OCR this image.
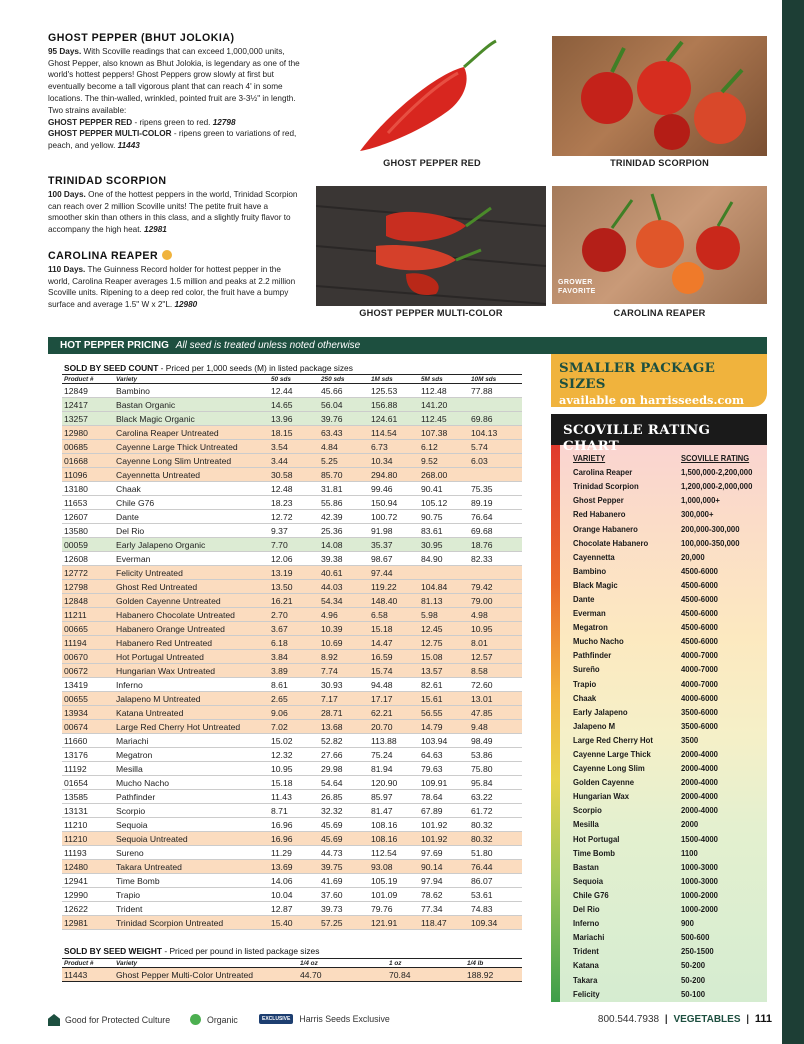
GHOST PEPPER (BHUT JOLOKIA)
95 Days. With Scoville readings that can exceed 1,000,000 units, Ghost Pepper, also known as Bhut Jolokia, is legendary as one of the world's hottest peppers! Ghost Peppers grow slowly at first but eventually become a tall vigorous plant that can reach 4' in some locations. The thin-walled, wrinkled, pointed fruit are 3-3½" in length. Two strains available:
GHOST PEPPER RED - ripens green to red. 12798
GHOST PEPPER MULTI-COLOR - ripens green to variations of red, peach, and yellow. 11443
TRINIDAD SCORPION
100 Days. One of the hottest peppers in the world, Trinidad Scorpion can reach over 2 million Scoville units! The petite fruit have a smoother skin than others in this class, and a slightly fruity flavor to accompany the high heat. 12981
CAROLINA REAPER
110 Days. The Guinness Record holder for hottest pepper in the world, Carolina Reaper averages 1.5 million and peaks at 2.2 million Scoville units. Ripening to a deep red color, the fruit have a bumpy surface and average 1.5" W x 2"L. 12980
GHOST PEPPER RED	TRINIDAD SCORPION
GHOST PEPPER MULTI-COLOR
GROWER
FAVORITE
CAROLINA REAPER
HOT PEPPER PRICING All seed is treated unless noted otherwise
SOLD BY SEED COUNT - Priced per 1,000 seeds (M) in listed package sizes
Product #	Variety	50 sds	250 sds	1M sds	5M sds	10M sds
12849	Bambino	12.44	45.66	125.53	112.48	77.88
12417	Bastan Organic	14.65	56.04	156.88	141.20	
13257	Black Magic Organic	13.96	39.76	124.61	112.45	69.86
12980	Carolina Reaper Untreated	18.15	63.43	114.54	107.38	104.13
00685	Cayenne Large Thick Untreated	3.54	4.84	6.73	6.12	5.74
01668	Cayenne Long Slim Untreated	3.44	5.25	10.34	9.52	6.03
11096	Cayennetta Untreated	30.58	85.70	294.80	268.00	
13180	Chaak	12.48	31.81	99.46	90.41	75.35
11653	Chile G76	18.23	55.86	150.94	105.12	89.19
12607	Dante	12.72	42.39	100.72	90.75	76.64
13580	Del Rio	9.37	25.36	91.98	83.61	69.68
00059	Early Jalapeno Organic	7.70	14.08	35.37	30.95	18.76
12608	Everman	12.06	39.38	98.67	84.90	82.33
12772	Felicity Untreated	13.19	40.61	97.44		
12798	Ghost Red Untreated	13.50	44.03	119.22	104.84	79.42
12848	Golden Cayenne Untreated	16.21	54.34	148.40	81.13	79.00
11211	Habanero Chocolate Untreated	2.70	4.96	6.58	5.98	4.98
00665	Habanero Orange Untreated	3.67	10.39	15.18	12.45	10.95
11194	Habanero Red Untreated	6.18	10.69	14.47	12.75	8.01
00670	Hot Portugal Untreated	3.84	8.92	16.59	15.08	12.57
00672	Hungarian Wax Untreated	3.89	7.74	15.74	13.57	8.58
13419	Inferno	8.61	30.93	94.48	82.61	72.60
00655	Jalapeno M Untreated	2.65	7.17	17.17	15.61	13.01
13934	Katana Untreated	9.06	28.71	62.21	56.55	47.85
00674	Large Red Cherry Hot Untreated	7.02	13.68	20.70	14.79	9.48
11660	Mariachi	15.02	52.82	113.88	103.94	98.49
13176	Megatron	12.32	27.66	75.24	64.63	53.86
11192	Mesilla	10.95	29.98	81.94	79.63	75.80
01654	Mucho Nacho	15.18	54.64	120.90	109.91	95.84
13585	Pathfinder	11.43	26.85	85.97	78.64	63.22
13131	Scorpio	8.71	32.32	81.47	67.89	61.72
11210	Sequoia	16.96	45.69	108.16	101.92	80.32
11210	Sequoia Untreated	16.96	45.69	108.16	101.92	80.32
11193	Sureno	11.29	44.73	112.54	97.69	51.80
12480	Takara Untreated	13.69	39.75	93.08	90.14	76.44
12941	Time Bomb	14.06	41.69	105.19	97.94	86.07
12990	Trapio	10.04	37.60	101.09	78.62	53.61
12622	Trident	12.87	39.73	79.76	77.34	74.83
12981	Trinidad Scorpion Untreated	15.40	57.25	121.91	118.47	109.34
SOLD BY SEED WEIGHT - Priced per pound in listed package sizes
Product #	Variety	1/4 oz	1 oz	1/4 lb
11443	Ghost Pepper Multi-Color Untreated	44.70	70.84	188.92
SMALLER PACKAGE SIZES
available on harrisseeds.com
SCOVILLE RATING CHART
VARIETY	SCOVILLE RATING
Carolina Reaper	1,500,000-2,200,000
Trinidad Scorpion	1,200,000-2,000,000
Ghost Pepper	1,000,000+
Red Habanero	300,000+
Orange Habanero	200,000-300,000
Chocolate Habanero	100,000-350,000
Cayennetta	20,000
Bambino	4500-6000
Black Magic	4500-6000
Dante	4500-6000
Everman	4500-6000
Megatron	4500-6000
Mucho Nacho	4500-6000
Pathfinder	4000-7000
Sureño	4000-7000
Trapio	4000-7000
Chaak	4000-6000
Early Jalapeno	3500-6000
Jalapeno M	3500-6000
Large Red Cherry Hot	3500
Cayenne Large Thick	2000-4000
Cayenne Long Slim	2000-4000
Golden Cayenne	2000-4000
Hungarian Wax	2000-4000
Scorpio	2000-4000
Mesilla	2000
Hot Portugal	1500-4000
Time Bomb	1100
Bastan	1000-3000
Sequoia	1000-3000
Chile G76	1000-2000
Del Rio	1000-2000
Inferno	900
Mariachi	500-600
Trident	250-1500
Katana	50-200
Takara	50-200
Felicity	50-100
Good for Protected Culture	Organic	EXCLUSIVE	Harris Seeds Exclusive	800.544.7938 | VEGETABLES | 111
